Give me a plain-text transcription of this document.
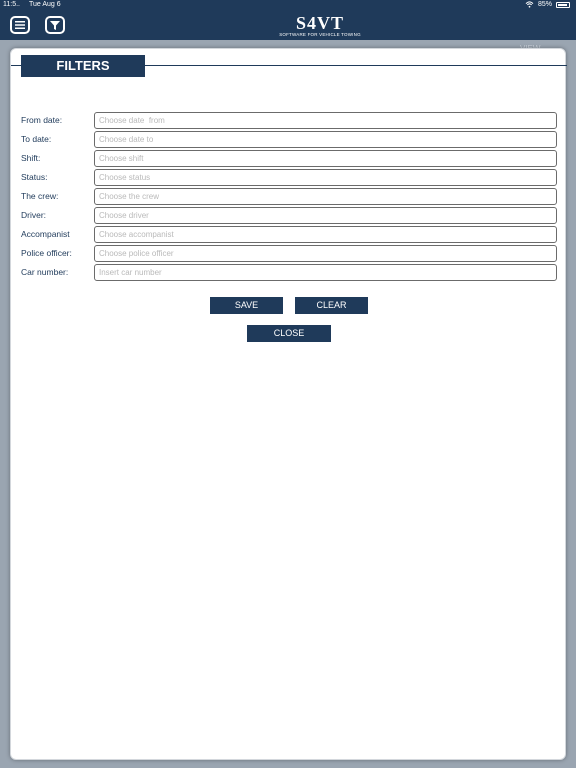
11:5.. Tue Aug 6	85%
S4VT
SOFTWARE FOR VEHICLE TOWING
FILTERS
From date:
Choose date from
To date:
Choose date to
Shift:
Choose shift
Status:
Choose status
The crew:
Choose the crew
Driver:
Choose driver
Accompanist
Choose accompanist
Police officer:
Choose police officer
Car number:
Insert car number
SAVE	CLEAR
CLOSE
